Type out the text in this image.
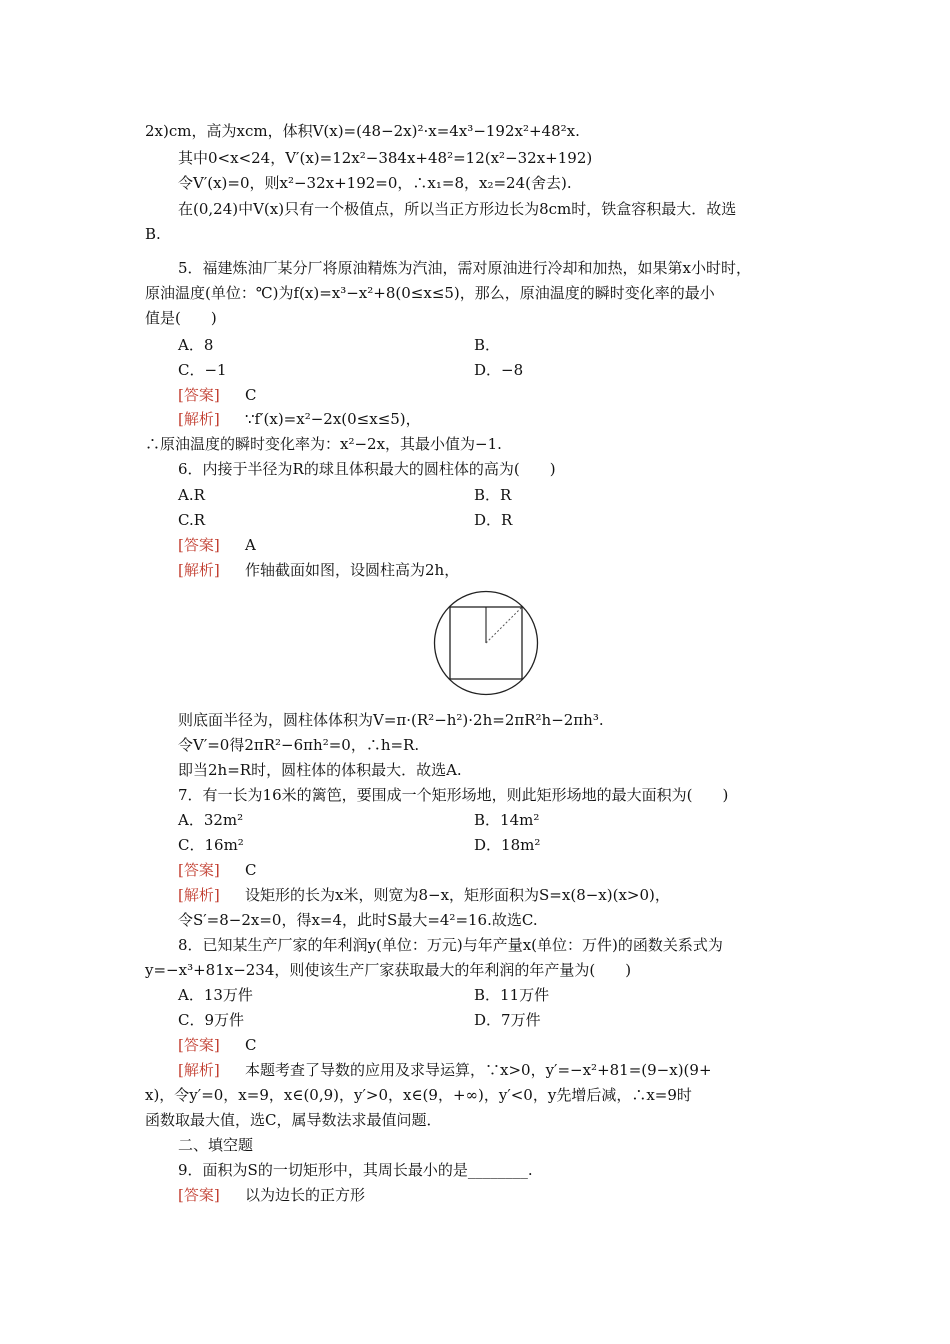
2x)cm，高为xcm，体积V(x)=(48−2x)²·x=4x³−192x²+48²x.
其中0<x<24，V′(x)=12x²−384x+48²=12(x²−32x+192)
令V′(x)=0，则x²−32x+192=0，∴x₁=8，x₂=24(舍去).
在(0,24)中V(x)只有一个极值点，所以当正方形边长为8cm时，铁盒容积最大．故选
B.
5．福建炼油厂某分厂将原油精炼为汽油，需对原油进行冷却和加热，如果第x小时时，
原油温度(单位：℃)为f(x)=x³−x²+8(0≤x≤5)，那么，原油温度的瞬时变化率的最小
值是(　　)
A．8	B．
C．−1	D．−8
[答案] C
[解析] ∵f′(x)=x²−2x(0≤x≤5)，
∴原油温度的瞬时变化率为：x²−2x，其最小值为−1.
6．内接于半径为R的球且体积最大的圆柱体的高为(　　)
A.R	B．R
C.R	D．R
[答案] A
[解析] 作轴截面如图，设圆柱高为2h，
则底面半径为，圆柱体体积为V=π·(R²−h²)·2h=2πR²h−2πh³.
令V′=0得2πR²−6πh²=0，∴h=R.
即当2h=R时，圆柱体的体积最大．故选A.
7．有一长为16米的篱笆，要围成一个矩形场地，则此矩形场地的最大面积为(　　)
A．32m²	B．14m²
C．16m²	D．18m²
[答案] C
[解析] 设矩形的长为x米，则宽为8−x，矩形面积为S=x(8−x)(x>0)，
令S′=8−2x=0，得x=4，此时S最大=4²=16.故选C.
8．已知某生产厂家的年利润y(单位：万元)与年产量x(单位：万件)的函数关系式为
y=−x³+81x−234，则使该生产厂家获取最大的年利润的年产量为(　　)
A．13万件	B．11万件
C．9万件	D．7万件
[答案] C
[解析] 本题考查了导数的应用及求导运算，∵x>0，y′=−x²+81=(9−x)(9+
x)，令y′=0，x=9，x∈(0,9)，y′>0，x∈(9，+∞)，y′<0，y先增后减，∴x=9时
函数取最大值，选C，属导数法求最值问题．
二、填空题
9．面积为S的一切矩形中，其周长最小的是________.
[答案] 以为边长的正方形
